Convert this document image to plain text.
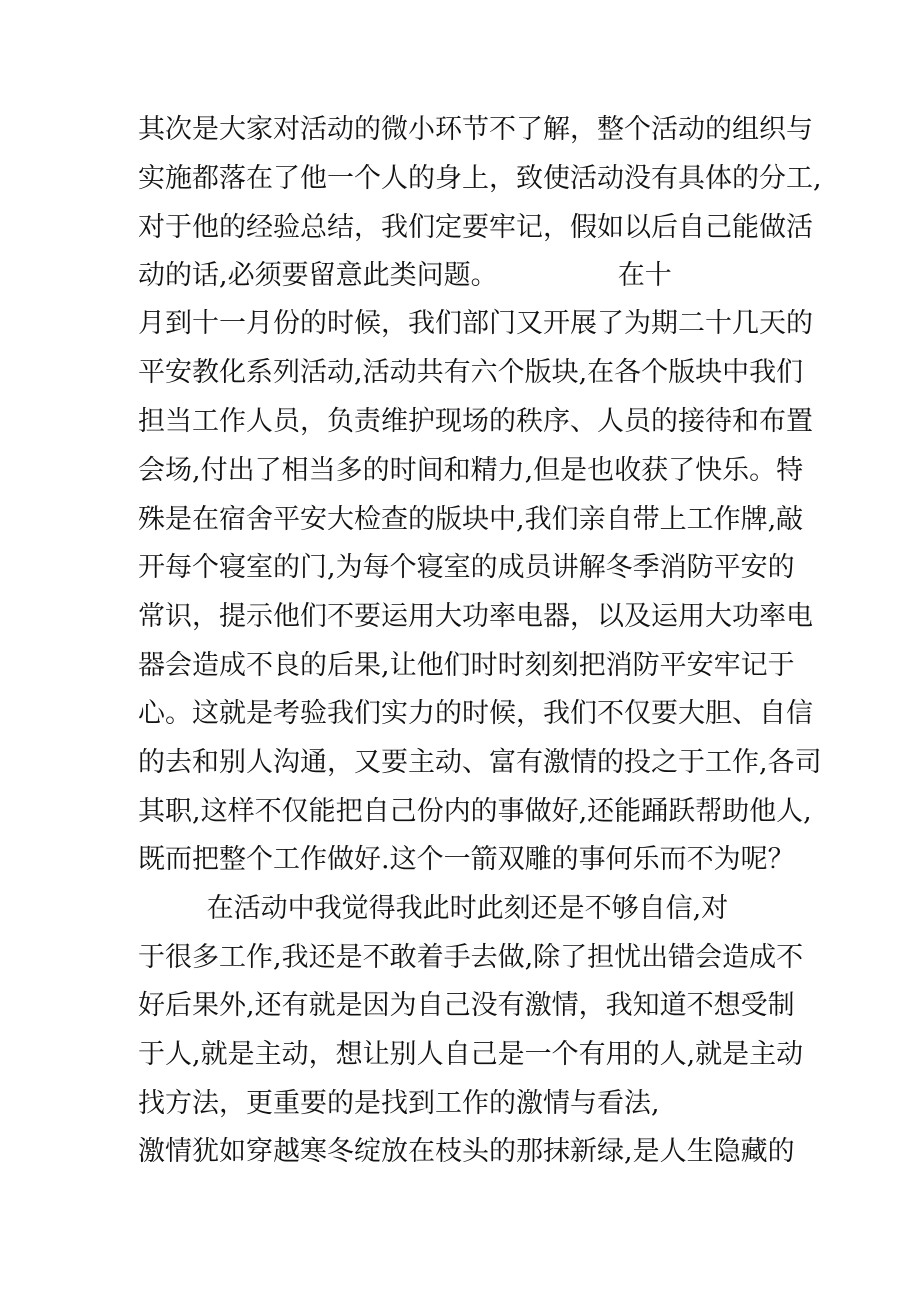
其次是大家对活动的微小环节不了解，整个活动的组织与
实施都落在了他一个人的身上，致使活动没有具体的分工,
对于他的经验总结，我们定要牢记，假如以后自己能做活
动的话,必须要留意此类问题。              在十
月到十一月份的时候，我们部门又开展了为期二十几天的
平安教化系列活动,活动共有六个版块,在各个版块中我们
担当工作人员，负责维护现场的秩序、人员的接待和布置
会场,付出了相当多的时间和精力,但是也收获了快乐。特
殊是在宿舍平安大检查的版块中,我们亲自带上工作牌,敲
开每个寝室的门,为每个寝室的成员讲解冬季消防平安的
常识，提示他们不要运用大功率电器，以及运用大功率电
器会造成不良的后果,让他们时时刻刻把消防平安牢记于
心。这就是考验我们实力的时候，我们不仅要大胆、自信
的去和别人沟通，又要主动、富有激情的投之于工作,各司
其职,这样不仅能把自己份内的事做好,还能踊跃帮助他人,
既而把整个工作做好.这个一箭双雕的事何乐而不为呢？
在活动中我觉得我此时此刻还是不够自信,对
于很多工作,我还是不敢着手去做,除了担忧出错会造成不
好后果外,还有就是因为自己没有激情，我知道不想受制
于人,就是主动，想让别人自己是一个有用的人,就是主动
找方法，更重要的是找到工作的激情与看法,
激情犹如穿越寒冬绽放在枝头的那抹新绿,是人生隐藏的
